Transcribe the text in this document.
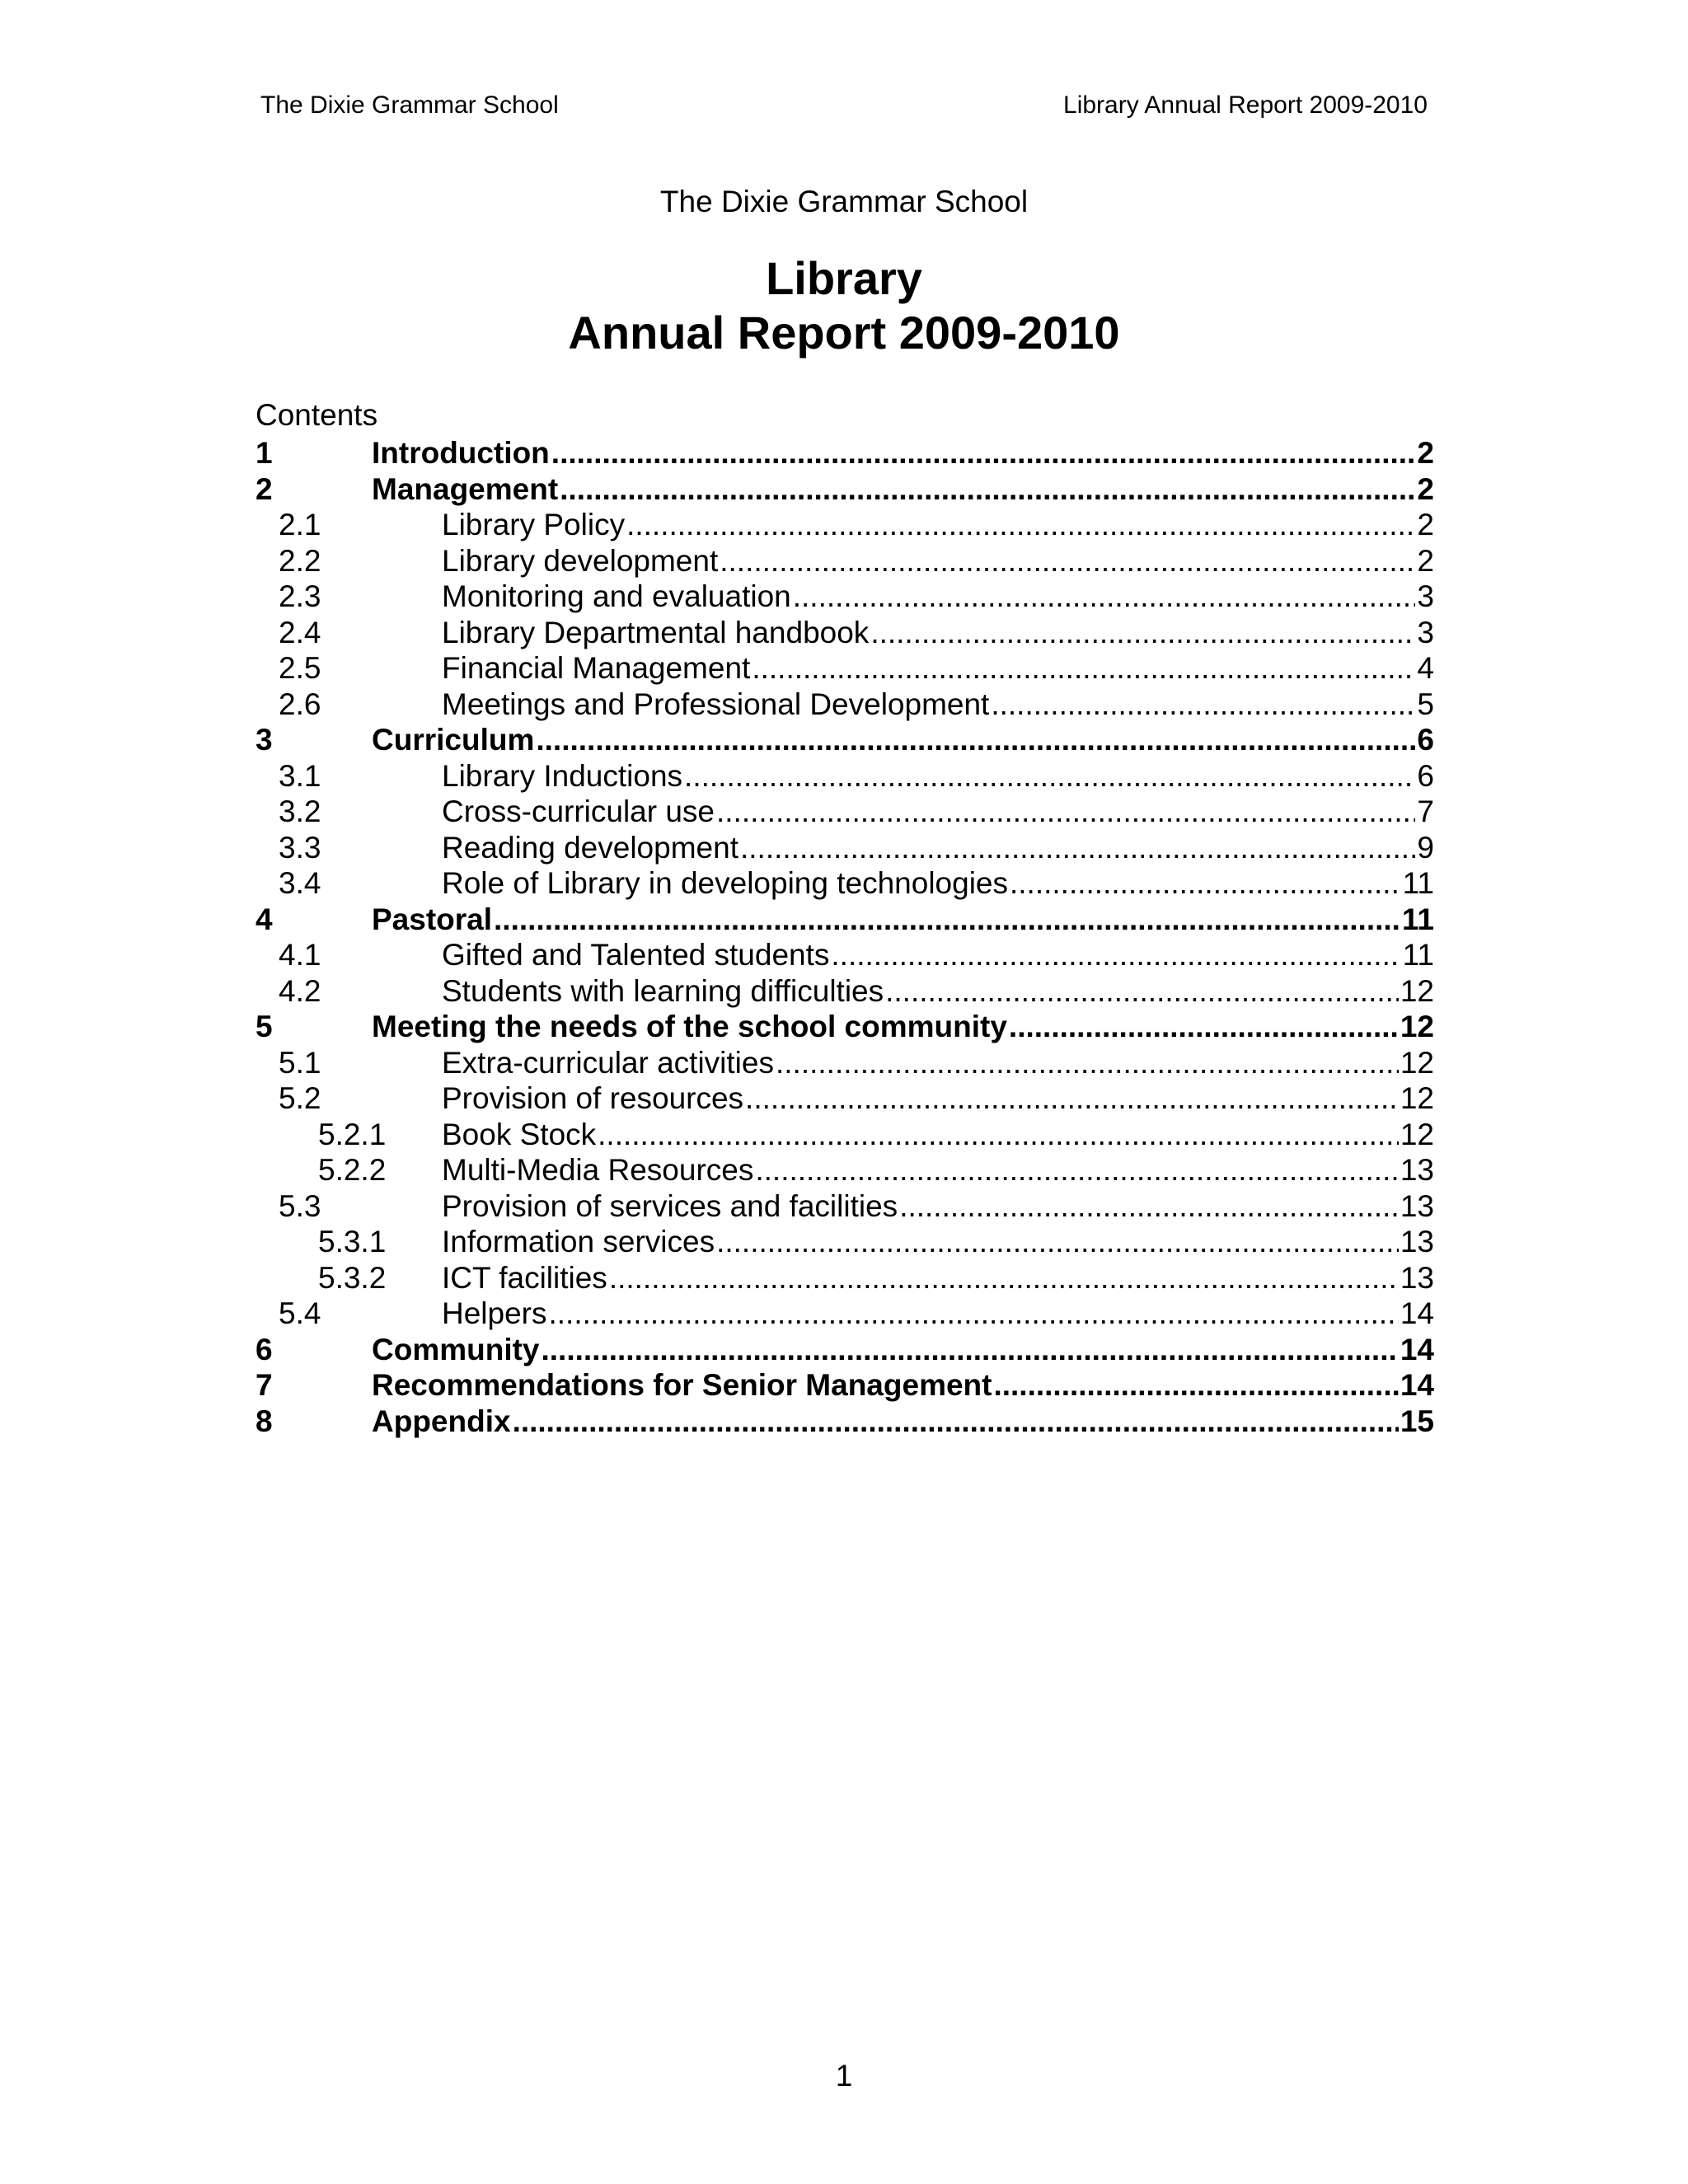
The Dixie Grammar School	Library Annual Report 2009-2010
The Dixie Grammar School
Library
Annual Report 2009-2010
Contents
1	Introduction .....	2
2	Management .....	2
2.1	Library Policy .....	2
2.2	Library development .....	2
2.3	Monitoring and evaluation .....	3
2.4	Library Departmental handbook .....	3
2.5	Financial Management .....	4
2.6	Meetings and Professional Development .....	5
3	Curriculum .....	6
3.1	Library Inductions .....	6
3.2	Cross-curricular use .....	7
3.3	Reading development .....	9
3.4	Role of Library in developing technologies .....	11
4	Pastoral .....	11
4.1	Gifted and Talented students .....	11
4.2	Students with learning difficulties .....	12
5	Meeting the needs of the school community .....	12
5.1	Extra-curricular activities .....	12
5.2	Provision of resources .....	12
5.2.1 Book Stock .....	12
5.2.2 Multi-Media Resources .....	13
5.3	Provision of services and facilities .....	13
5.3.1 Information services .....	13
5.3.2 ICT facilities .....	13
5.4	Helpers .....	14
6	Community .....	14
7	Recommendations for Senior Management .....	14
8	Appendix .....	15
1
